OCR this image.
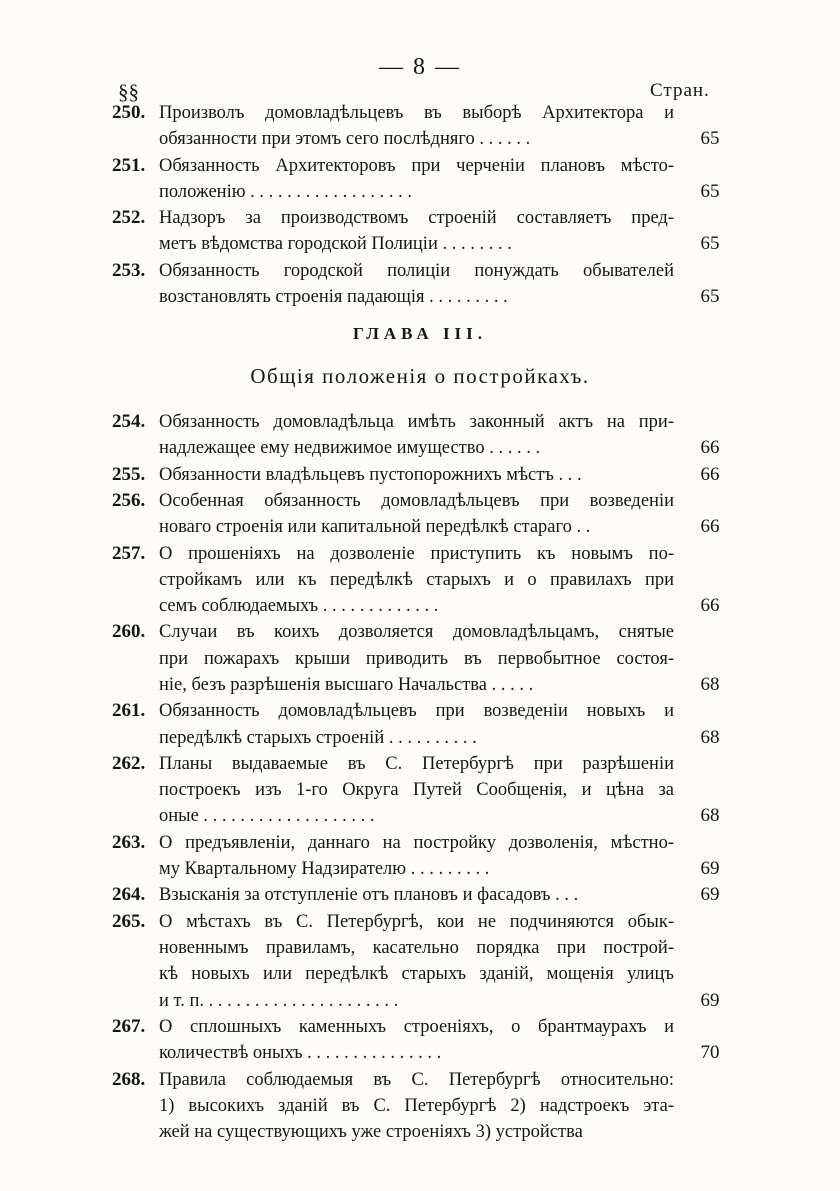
— 8 —
§§	Стран.
ГЛАВА III.
Общія положенія о постройкахъ.
250. Произволъ домовладѣльцевъ въ выборѣ Архитектора и
обязанности при этомъ сего послѣдняго . . . . . .	65
251. Обязанность Архитекторовъ при черченіи плановъ мѣсто-
положенію . . . . . . . . . . . . . . . . . .	65
252. Надзоръ за производствомъ строеній составляетъ пред-
метъ вѣдомства городской Полиціи . . . . . . . .	65
253. Обязанность городской полиціи понуждать обывателей
возстановлять строенія падающія . . . . . . . . .	65
254. Обязанность домовладѣльца имѣть законный актъ на при-
надлежащее ему недвижимое имущество . . . . . .	66
255. Обязанности владѣльцевъ пустопорожнихъ мѣстъ . . .	66
256. Особенная обязанность домовладѣльцевъ при возведеніи
новаго строенія или капитальной передѣлкѣ стараго . .	66
257. О прошеніяхъ на дозволеніе приступить къ новымъ по-
стройкамъ или къ передѣлкѣ старыхъ и о правилахъ при
семъ соблюдаемыхъ . . . . . . . . . . . . .	66
260. Случаи въ коихъ дозволяется домовладѣльцамъ, снятые
при пожарахъ крыши приводить въ первобытное состоя-
ніе, безъ разрѣшенія высшаго Начальства . . . . .	68
261. Обязанность домовладѣльцевъ при возведеніи новыхъ и
передѣлкѣ старыхъ строеній . . . . . . . . . .	68
262. Планы выдаваемые въ С. Петербургѣ при разрѣшеніи
построекъ изъ 1-го Округа Путей Сообщенія, и цѣна за
оные . . . . . . . . . . . . . . . . . . .	68
263. О предъявленіи, даннаго на постройку дозволенія, мѣстно-
му Квартальному Надзирателю . . . . . . . . .	69
264. Взысканія за отступленіе отъ плановъ и фасадовъ . . .	69
265. О мѣстахъ въ С. Петербургѣ, кои не подчиняются обык-
новеннымъ правиламъ, касательно порядка при построй-
кѣ новыхъ или передѣлкѣ старыхъ зданій, мощенія улицъ
и т. п. . . . . . . . . . . . . . . . . . . . . .	69
267. О сплошныхъ каменныхъ строеніяхъ, о брантмаурахъ и
количествѣ оныхъ . . . . . . . . . . . . . . .	70
268. Правила соблюдаемыя въ С. Петербургѣ относительно:
1) высокихъ зданій въ С. Петербургѣ 2) надстроекъ эта-
жей на существующихъ уже строеніяхъ 3) устройства
